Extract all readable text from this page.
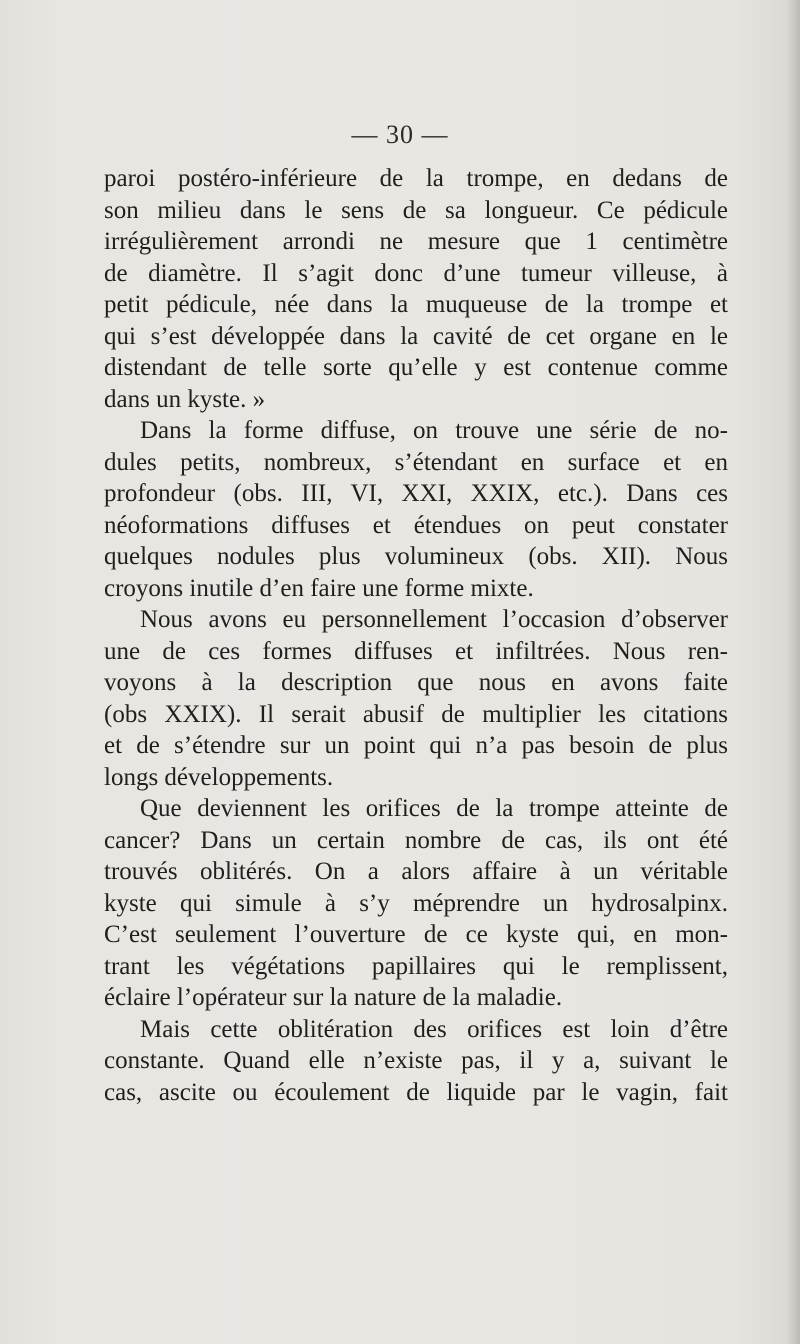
— 30 —
paroi postéro-inférieure de la trompe, en dedans de
son milieu dans le sens de sa longueur. Ce pédicule
irrégulièrement arrondi ne mesure que 1 centimètre
de diamètre. Il s’agit donc d’une tumeur villeuse, à
petit pédicule, née dans la muqueuse de la trompe et
qui s’est développée dans la cavité de cet organe en le
distendant de telle sorte qu’elle y est contenue comme
dans un kyste. »
Dans la forme diffuse, on trouve une série de no-
dules petits, nombreux, s’étendant en surface et en
profondeur (obs. III, VI, XXI, XXIX, etc.). Dans ces
néoformations diffuses et étendues on peut constater
quelques nodules plus volumineux (obs. XII). Nous
croyons inutile d’en faire une forme mixte.
Nous avons eu personnellement l’occasion d’observer
une de ces formes diffuses et infiltrées. Nous ren-
voyons à la description que nous en avons faite
(obs XXIX). Il serait abusif de multiplier les citations
et de s’étendre sur un point qui n’a pas besoin de plus
longs développements.
Que deviennent les orifices de la trompe atteinte de
cancer? Dans un certain nombre de cas, ils ont été
trouvés oblitérés. On a alors affaire à un véritable
kyste qui simule à s’y méprendre un hydrosalpinx.
C’est seulement l’ouverture de ce kyste qui, en mon-
trant les végétations papillaires qui le remplissent,
éclaire l’opérateur sur la nature de la maladie.
Mais cette oblitération des orifices est loin d’être
constante. Quand elle n’existe pas, il y a, suivant le
cas, ascite ou écoulement de liquide par le vagin, fait
